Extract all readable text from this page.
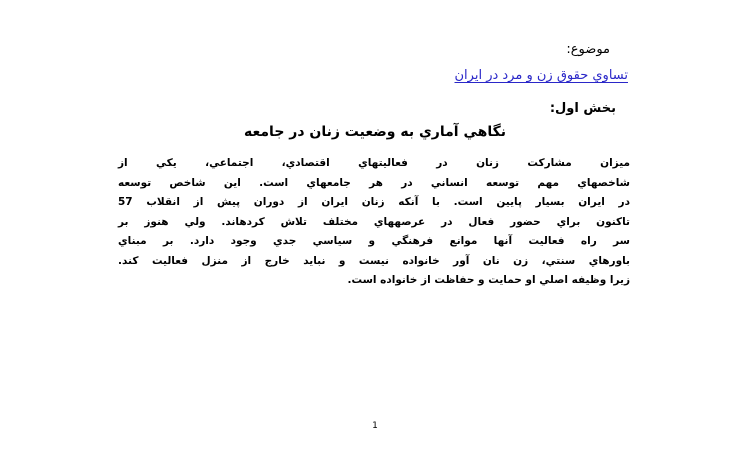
موضوع:
تساوي حقوق زن و مرد در ايران
بخش اول:
نگاهي آماري به وضعيت زنان در جامعه
ميزان مشارکت زنان در فعاليتهاي اقتصادي، اجتماعي، يکي از
شاخصهاي مهم توسعه انساني در هر جامعهاي است. اين شاخص توسعه
در ايران بسيار پايين است. با آنکه زنان ايران از دوران پيش از انقلاب 57
تاکنون براي حضور فعال در عرصههاي مختلف تلاش کردهاند. ولي هنوز بر
سر راه فعاليت آنها موانع فرهنگي و سياسي جدي وجود دارد. بر مبناي
باورهاي سنتي، زن نان آور خانواده نيست و نبايد خارج از منزل فعاليت کند.
زيرا وظيفه اصلي او حمايت و حفاظت از خانواده است.
1
